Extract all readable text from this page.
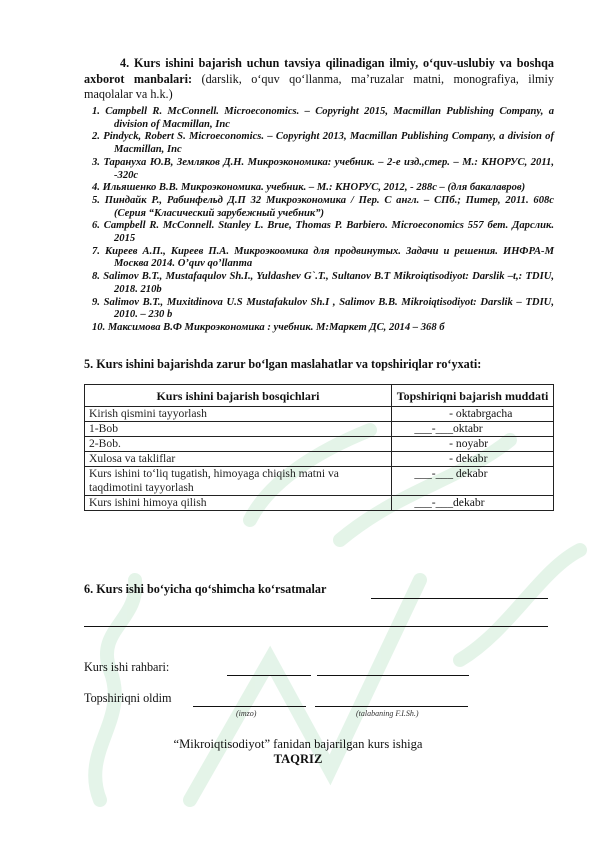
4. Kurs ishini bajarish uchun tavsiya qilinadigan ilmiy, o‘quv-uslubiy va boshqa axborot manbalari: (darslik, o‘quv qo‘llanma, ma’ruzalar matni, monografiya, ilmiy maqolalar va h.k.)
1. Campbell R. McConnell. Microeconomics. – Copyright 2015, Macmillan Publishing Company, a division of Macmillan, Inc
2. Pindyck, Robert S. Microeconomics. – Copyright 2013, Macmillan Publishing Company, a division of Macmillan, Inc
3. Тарануха Ю.В, Земляков Д.Н. Микроэкономика: учебник. – 2-е изд.,стер. – М.: КНОРУС, 2011, -320с
4. Ильяшенко В.В. Микроэкономика. учебник. – М.: КНОРУС, 2012, - 288с – (для бакалавров)
5. Пиндайк Р., Рабинфельд Д.П 32 Микроэкономика / Пер. С англ. – СПб.; Питер, 2011. 608с (Серия “Класический зарубежный учебник”)
6. Campbell R. McConnell. Stanley L. Brue, Thomas P. Barbiero. Microeconomics 557 бет. Дарслик. 2015
7. Киреев А.П., Киреев П.А. Микроэкоомика для продвинутых. Задачи и решения. ИНФРА-М Москва 2014. O’quv qo’llanma
8. Salimov B.T., Mustafaqulov Sh.I., Yuldashev G`.T., Sultanov B.T Mikroiqtisodiyot: Darslik –t,: TDIU, 2018. 210b
9. Salimov B.T., Muxitdinova U.S Mustafakulov Sh.I , Salimov B.B. Mikroiqtisodiyot: Darslik – TDIU, 2010. – 230 b
10. Максимова В.Ф Микроэкономика : учебник. М:Маркет ДС, 2014 – 368 б
5. Kurs ishini bajarishda zarur bo‘lgan maslahatlar va topshiriqlar ro‘yxati:
Kurs ishini bajarish bosqichlari	Topshiriqni bajarish muddati
Kirish qismini tayyorlash	- oktabrgacha
1-Bob	___-___oktabr
2-Bob.	- noyabr
Xulosa va takliflar	- dekabr
Kurs ishini to‘liq tugatish, himoyaga chiqish matni va taqdimotini tayyorlash	___-___ dekabr
Kurs ishini himoya qilish	___-___dekabr
6. Kurs ishi bo‘yicha qo‘shimcha ko‘rsatmalar
Kurs ishi rahbari:
Topshiriqni oldim
(imzo)	(talabaning F.I.Sh.)
“Mikroiqtisodiyot” fanidan bajarilgan kurs ishiga
TAQRIZ
